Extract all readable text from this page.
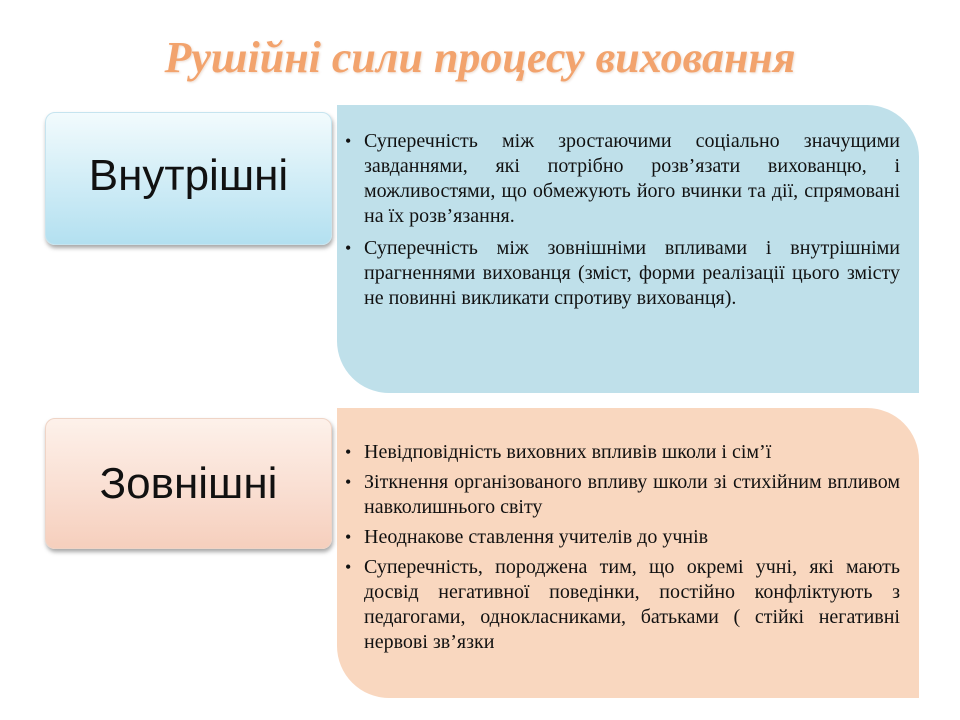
Рушійні сили процесу виховання
Внутрішні
• Суперечність між зростаючими соціально значущими завданнями, які потрібно розв’язати вихованцю, і можливостями, що обмежують його вчинки та дії, спрямовані на їх розв’язання.
• Суперечність між зовнішніми впливами і внутрішніми прагненнями вихованця (зміст, форми реалізації цього змісту не повинні викликати спротиву вихованця).
Зовнішні
• Невідповідність виховних впливів школи і сім’ї
• Зіткнення організованого впливу школи зі стихійним впливом навколишнього світу
• Неоднакове ставлення учителів до учнів
• Суперечність, породжена тим, що окремі учні, які мають досвід негативної поведінки, постійно конфліктують з педагогами, однокласниками, батьками ( стійкі негативні нервові зв’язки
